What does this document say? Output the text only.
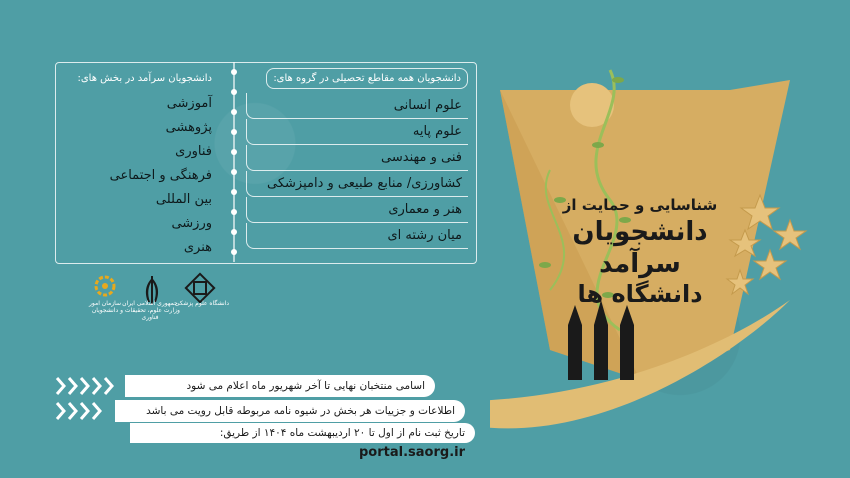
دانشجویان همه مقاطع تحصیلی در گروه های:
علوم انسانی
علوم پایه
فنی و مهندسی
کشاورزی/ منابع طبیعی و دامپزشکی
هنر و معماری
میان رشته ای
دانشجویان سرآمد در بخش های:
آموزشی
پژوهشی
فناوری
فرهنگی و اجتماعی
بین المللی
ورزشی
هنری
سازمان امور دانشجویان
جمهوری اسلامی ایران وزارت علوم، تحقیقات و فناوری
دانشگاه علوم پزشکی
شناسایی و حمایت از
دانشجویان
سرآمد
دانشگاه ها
اسامی منتخبان نهایی تا آخر شهریور ماه اعلام می شود
اطلاعات و جزییات هر بخش در شیوه نامه مربوطه قابل رویت می باشد
تاریخ ثبت نام از اول تا ۲۰ اردیبهشت ماه ۱۴۰۴ از طریق: portal.saorg.ir
